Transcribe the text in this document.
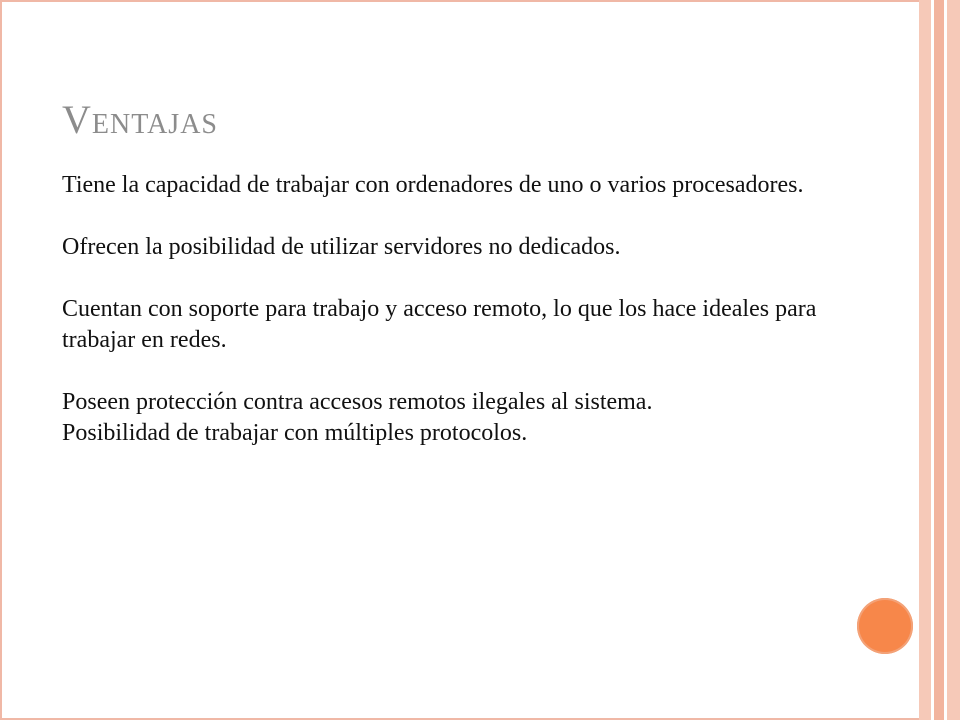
Ventajas

Tiene la capacidad de trabajar con ordenadores de uno o varios procesadores.

Ofrecen la posibilidad de utilizar servidores no dedicados.

Cuentan con soporte para trabajo y acceso remoto, lo que los hace ideales para trabajar en redes.

Poseen protección contra accesos remotos ilegales al sistema.

Posibilidad de trabajar con múltiples protocolos.
